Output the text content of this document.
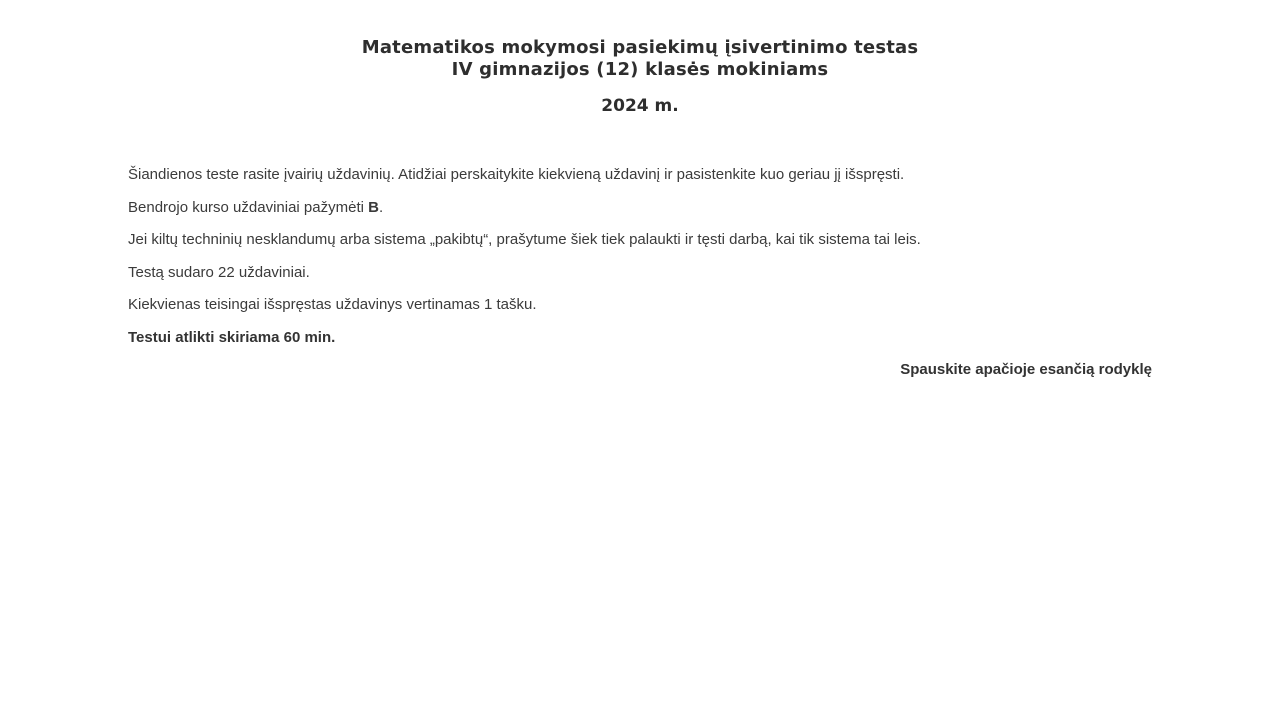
Matematikos mokymosi pasiekimų įsivertinimo testas
IV gimnazijos (12) klasės mokiniams
2024 m.

Šiandienos teste rasite įvairių uždavinių. Atidžiai perskaitykite kiekvieną uždavinį ir pasistenkite kuo geriau jį išspręsti.

Bendrojo kurso uždaviniai pažymėti B.

Jei kiltų techninių nesklandumų arba sistema „pakibtų“, prašytume šiek tiek palaukti ir tęsti darbą, kai tik sistema tai leis.

Testą sudaro 22 uždaviniai.

Kiekvienas teisingai išspręstas uždavinys vertinamas 1 tašku.

Testui atlikti skiriama 60 min.

Spauskite apačioje esančią rodyklę
